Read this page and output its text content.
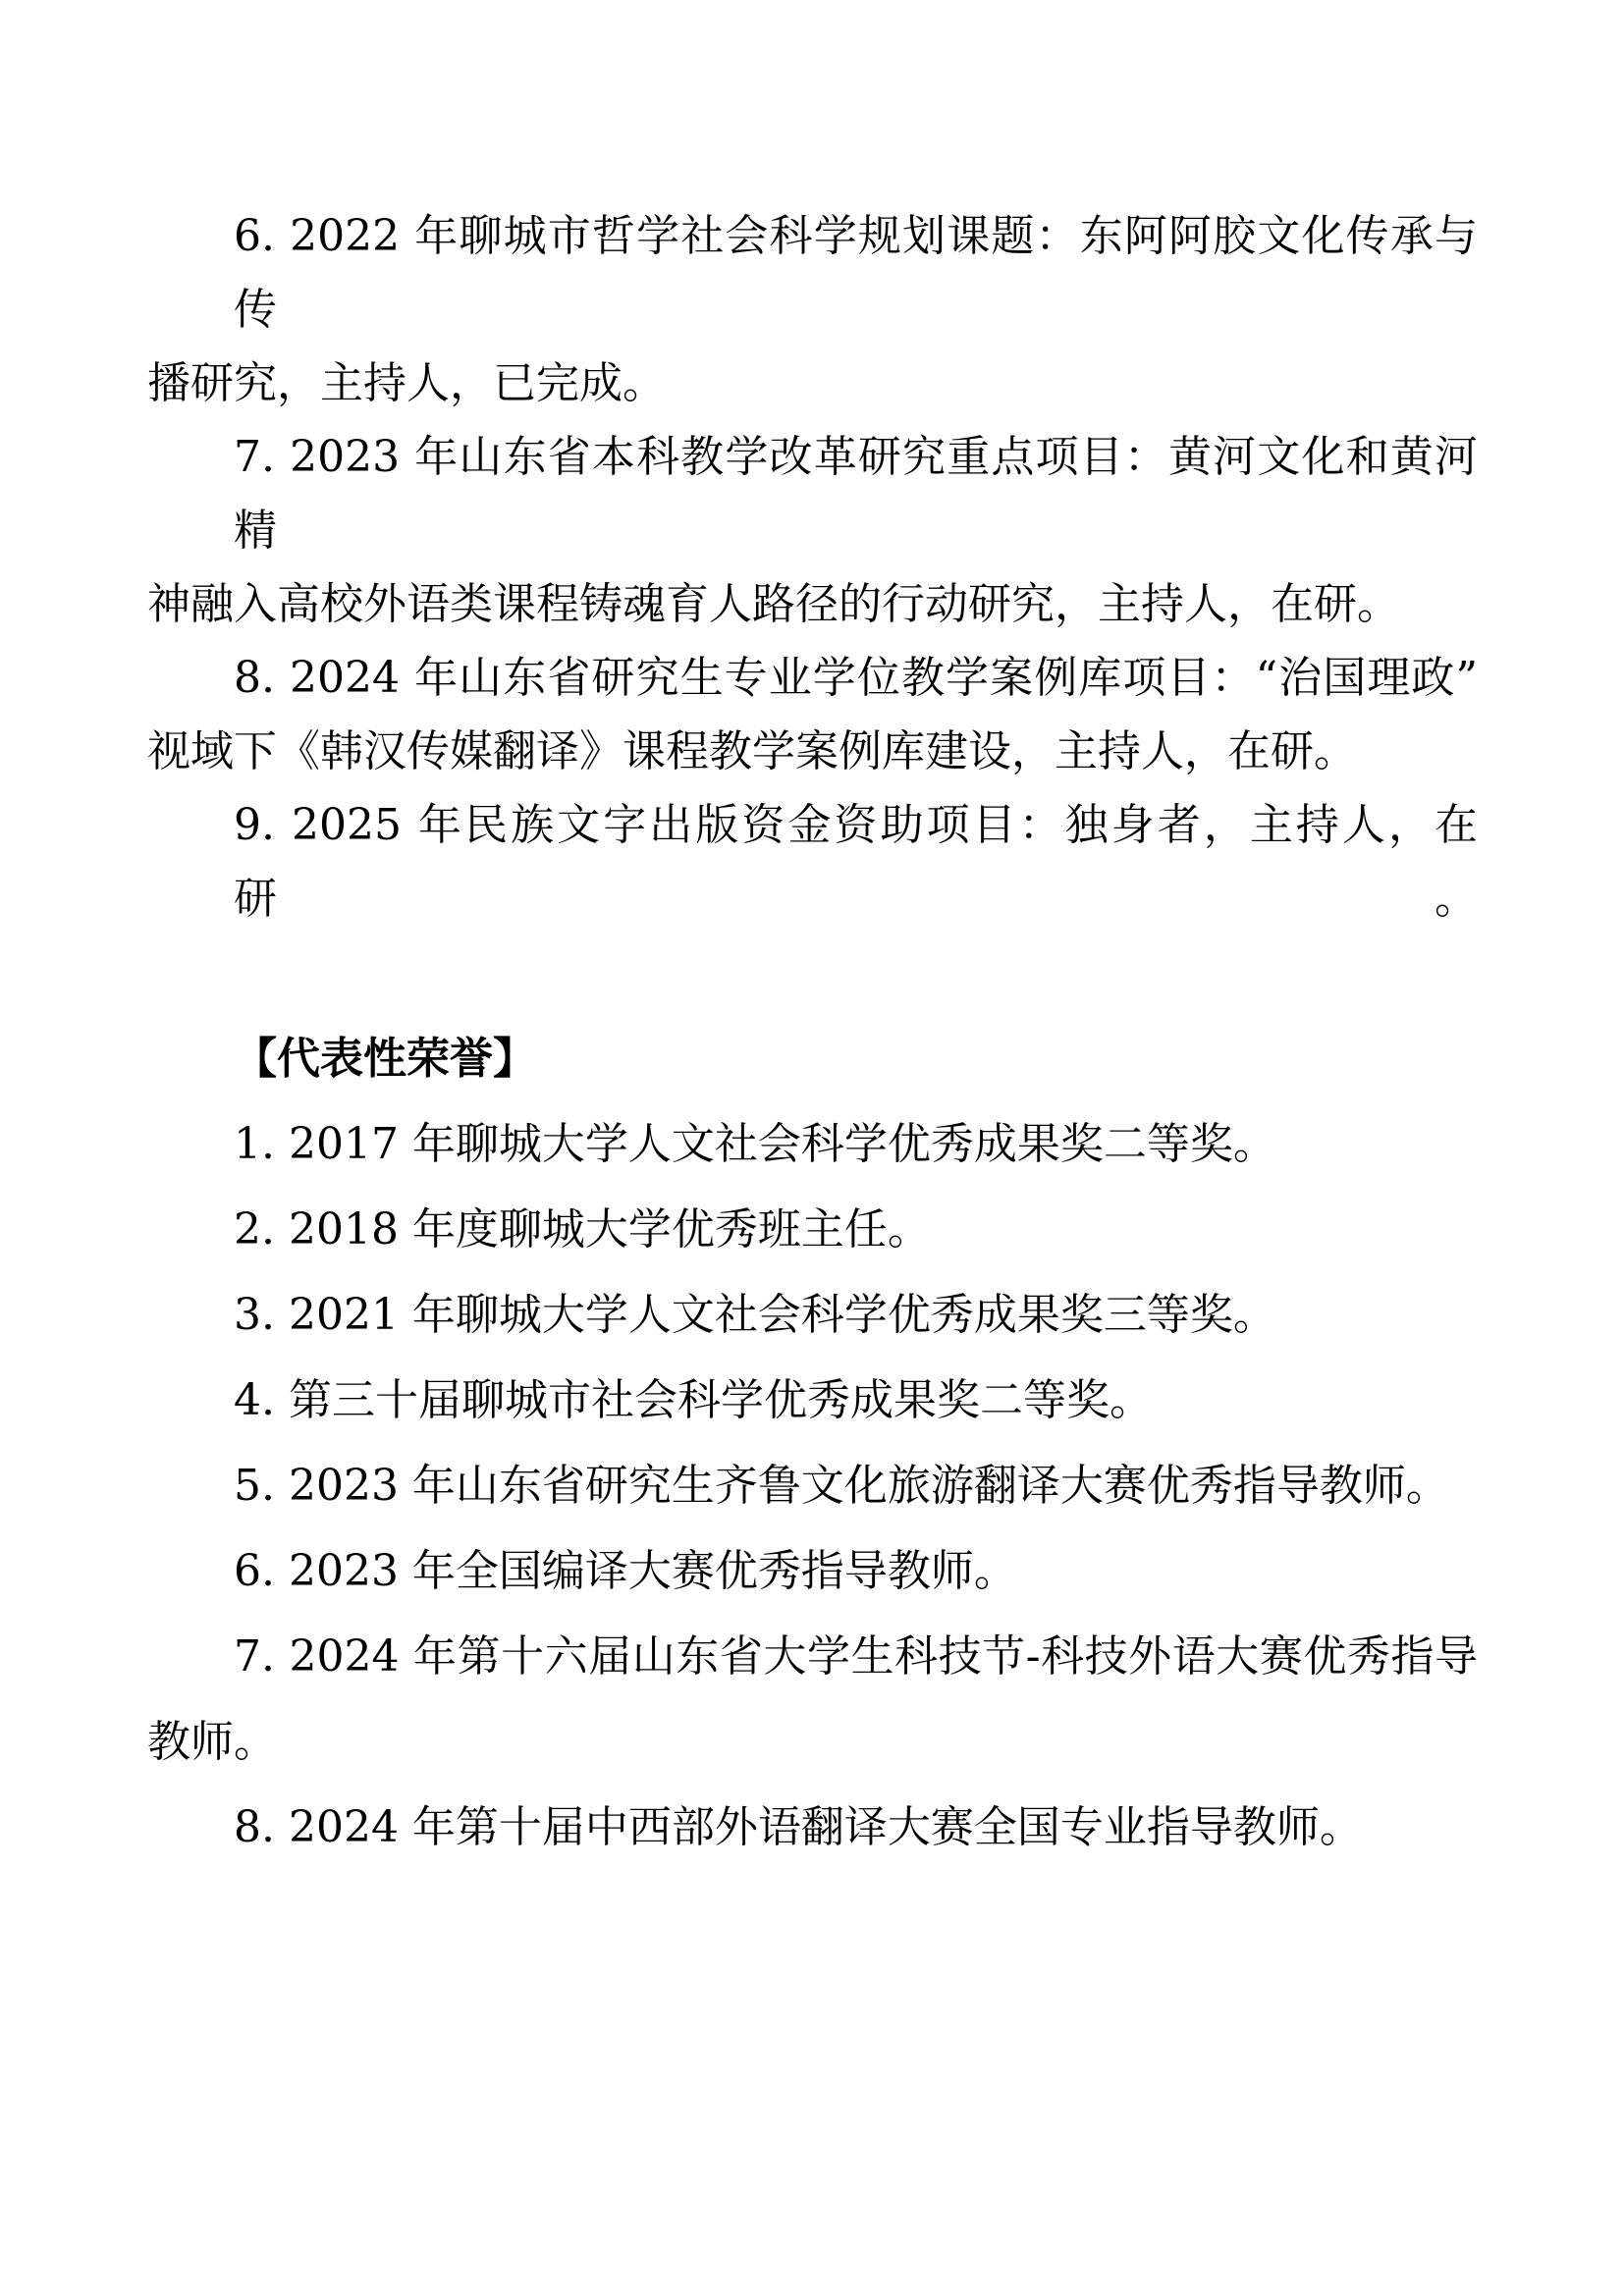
6. 2022 年聊城市哲学社会科学规划课题：东阿阿胶文化传承与传
播研究，主持人，已完成。
7. 2023 年山东省本科教学改革研究重点项目：黄河文化和黄河精
神融入高校外语类课程铸魂育人路径的行动研究，主持人，在研。
8. 2024 年山东省研究生专业学位教学案例库项目：“治国理政”
视域下《韩汉传媒翻译》课程教学案例库建设，主持人，在研。
9. 2025 年民族文字出版资金资助项目：独身者，主持人，在研。
【代表性荣誉】
1. 2017 年聊城大学人文社会科学优秀成果奖二等奖。
2. 2018 年度聊城大学优秀班主任。
3. 2021 年聊城大学人文社会科学优秀成果奖三等奖。
4. 第三十届聊城市社会科学优秀成果奖二等奖。
5. 2023 年山东省研究生齐鲁文化旅游翻译大赛优秀指导教师。
6. 2023 年全国编译大赛优秀指导教师。
7. 2024 年第十六届山东省大学生科技节-科技外语大赛优秀指导
教师。
8. 2024 年第十届中西部外语翻译大赛全国专业指导教师。
